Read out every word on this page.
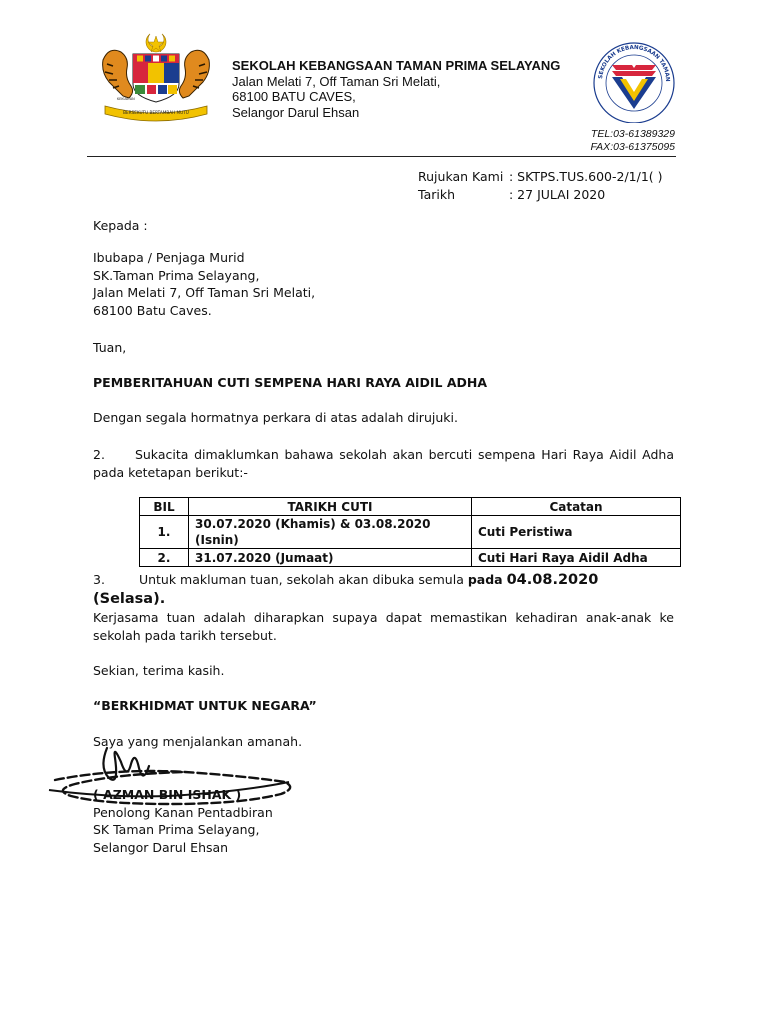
BERSEKUTU BERTAMBAH MUTU
KEKUATAN
SEKOLAH KEBANGSAAN TAMAN PRIMA SELAYANG
Jalan Melati 7, Off Taman Sri Melati,
68100 BATU CAVES,
Selangor Darul Ehsan
SEKOLAH KEBANGSAAN TAMAN
TEL:03-61389329
FAX:03-61375095
Rujukan Kami : SKTPS.TUS.600-2/1/1( )
Tarikh	: 27 JULAI 2020
Kepada :
Ibubapa / Penjaga Murid
SK.Taman Prima Selayang,
Jalan Melati 7, Off Taman Sri Melati,
68100 Batu Caves.
Tuan,
PEMBERITAHUAN CUTI SEMPENA HARI RAYA AIDIL ADHA
Dengan segala hormatnya perkara di atas adalah dirujuki.
2. Sukacita dimaklumkan bahawa sekolah akan bercuti sempena Hari Raya Aidil Adha
pada ketetapan berikut:-
BIL	TARIKH CUTI	Catatan
1.	30.07.2020 (Khamis) & 03.08.2020 (Isnin)	Cuti Peristiwa
2.	31.07.2020 (Jumaat)	Cuti Hari Raya Aidil Adha
3.	Untuk makluman tuan, sekolah akan dibuka semula pada 04.08.2020 (Selasa).
Kerjasama tuan adalah diharapkan supaya dapat memastikan kehadiran anak-anak ke
sekolah pada tarikh tersebut.
Sekian, terima kasih.
“BERKHIDMAT UNTUK NEGARA”
Saya yang menjalankan amanah.
( AZMAN BIN ISHAK )
Penolong Kanan Pentadbiran
SK Taman Prima Selayang,
Selangor Darul Ehsan
